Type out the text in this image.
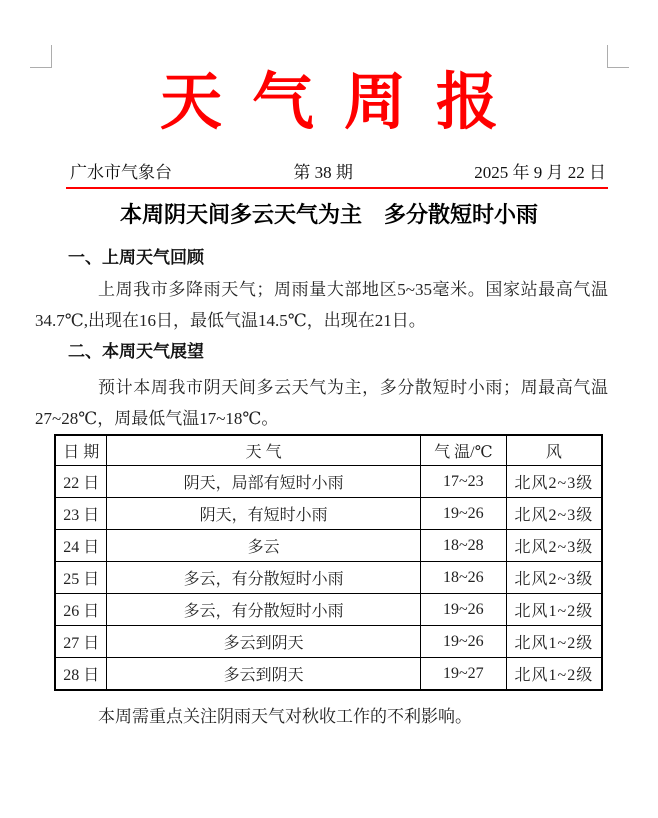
天气周报
广水市气象台	第 38 期	2025 年 9 月 22 日
本周阴天间多云天气为主　多分散短时小雨
一、上周天气回顾
上周我市多降雨天气；周雨量大部地区5~35毫米。国家站最高气温
34.7℃,出现在16日，最低气温14.5℃，出现在21日。
二、本周天气展望
预计本周我市阴天间多云天气为主，多分散短时小雨；周最高气温
27~28℃，周最低气温17~18℃。
日 期	天 气	气 温/℃	风
22 日	阴天，局部有短时小雨	17~23	北风2~3级
23 日	阴天，有短时小雨	19~26	北风2~3级
24 日	多云	18~28	北风2~3级
25 日	多云，有分散短时小雨	18~26	北风2~3级
26 日	多云，有分散短时小雨	19~26	北风1~2级
27 日	多云到阴天	19~26	北风1~2级
28 日	多云到阴天	19~27	北风1~2级

本周需重点关注阴雨天气对秋收工作的不利影响。
